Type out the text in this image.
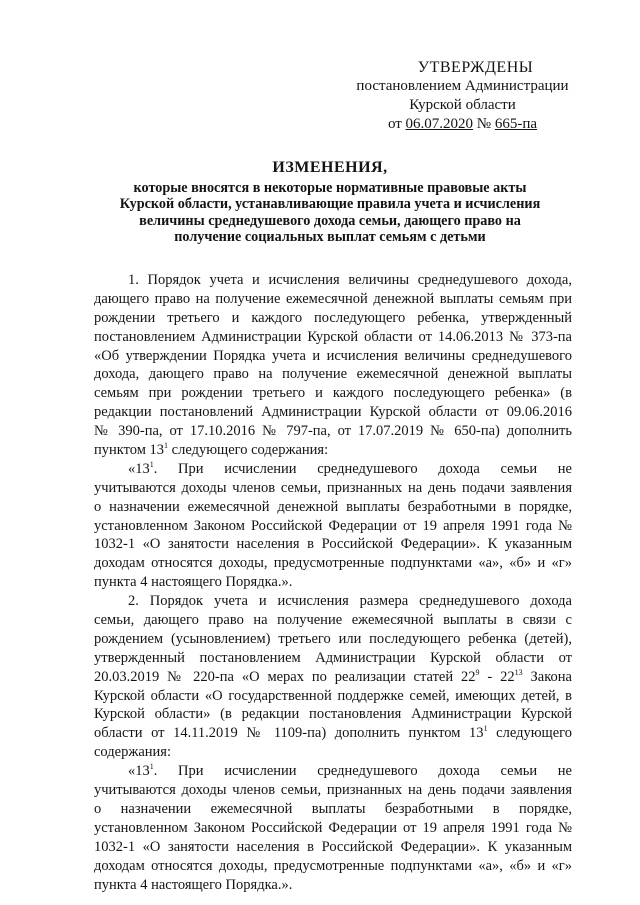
УТВЕРЖДЕНЫ
постановлением Администрации
Курской области
от 06.07.2020 № 665-па
ИЗМЕНЕНИЯ,
которые вносятся в некоторые нормативные правовые акты
Курской области, устанавливающие правила учета и исчисления
величины среднедушевого дохода семьи, дающего право на
получение социальных выплат семьям с детьми
1. Порядок учета и исчисления величины среднедушевого дохода,
дающего право на получение ежемесячной денежной выплаты семьям при
рождении третьего и каждого последующего ребенка, утвержденный
постановлением Администрации Курской области от 14.06.2013 № 373-па
«Об утверждении Порядка учета и исчисления величины среднедушевого
дохода, дающего право на получение ежемесячной денежной выплаты
семьям при рождении третьего и каждого последующего ребенка» (в
редакции постановлений Администрации Курской области от 09.06.2016
№ 390-па, от 17.10.2016 № 797-па, от 17.07.2019 № 650-па) дополнить
пунктом $13^1$ следующего содержания:
«$13^1$. При исчислении среднедушевого дохода семьи не
учитываются доходы членов семьи, признанных на день подачи заявления
о назначении ежемесячной денежной выплаты безработными в порядке,
установленном Законом Российской Федерации от 19 апреля 1991 года №
1032-1 «О занятости населения в Российской Федерации». К указанным
доходам относятся доходы, предусмотренные подпунктами «а», «б» и «г»
пункта 4 настоящего Порядка.».
2. Порядок учета и исчисления размера среднедушевого дохода
семьи, дающего право на получение ежемесячной выплаты в связи с
рождением (усыновлением) третьего или последующего ребенка (детей),
утвержденный постановлением Администрации Курской области от
20.03.2019 № 220-па «О мерах по реализации статей $22^9 - 22^{13}$ Закона
Курской области «О государственной поддержке семей, имеющих детей, в
Курской области» (в редакции постановления Администрации Курской
области от 14.11.2019 № 1109-па) дополнить пунктом $13^1$ следующего
содержания:
«$13^1$. При исчислении среднедушевого дохода семьи не
учитываются доходы членов семьи, признанных на день подачи заявления
о назначении ежемесячной выплаты безработными в порядке,
установленном Законом Российской Федерации от 19 апреля 1991 года №
1032-1 «О занятости населения в Российской Федерации». К указанным
доходам относятся доходы, предусмотренные подпунктами «а», «б» и «г»
пункта 4 настоящего Порядка.».
